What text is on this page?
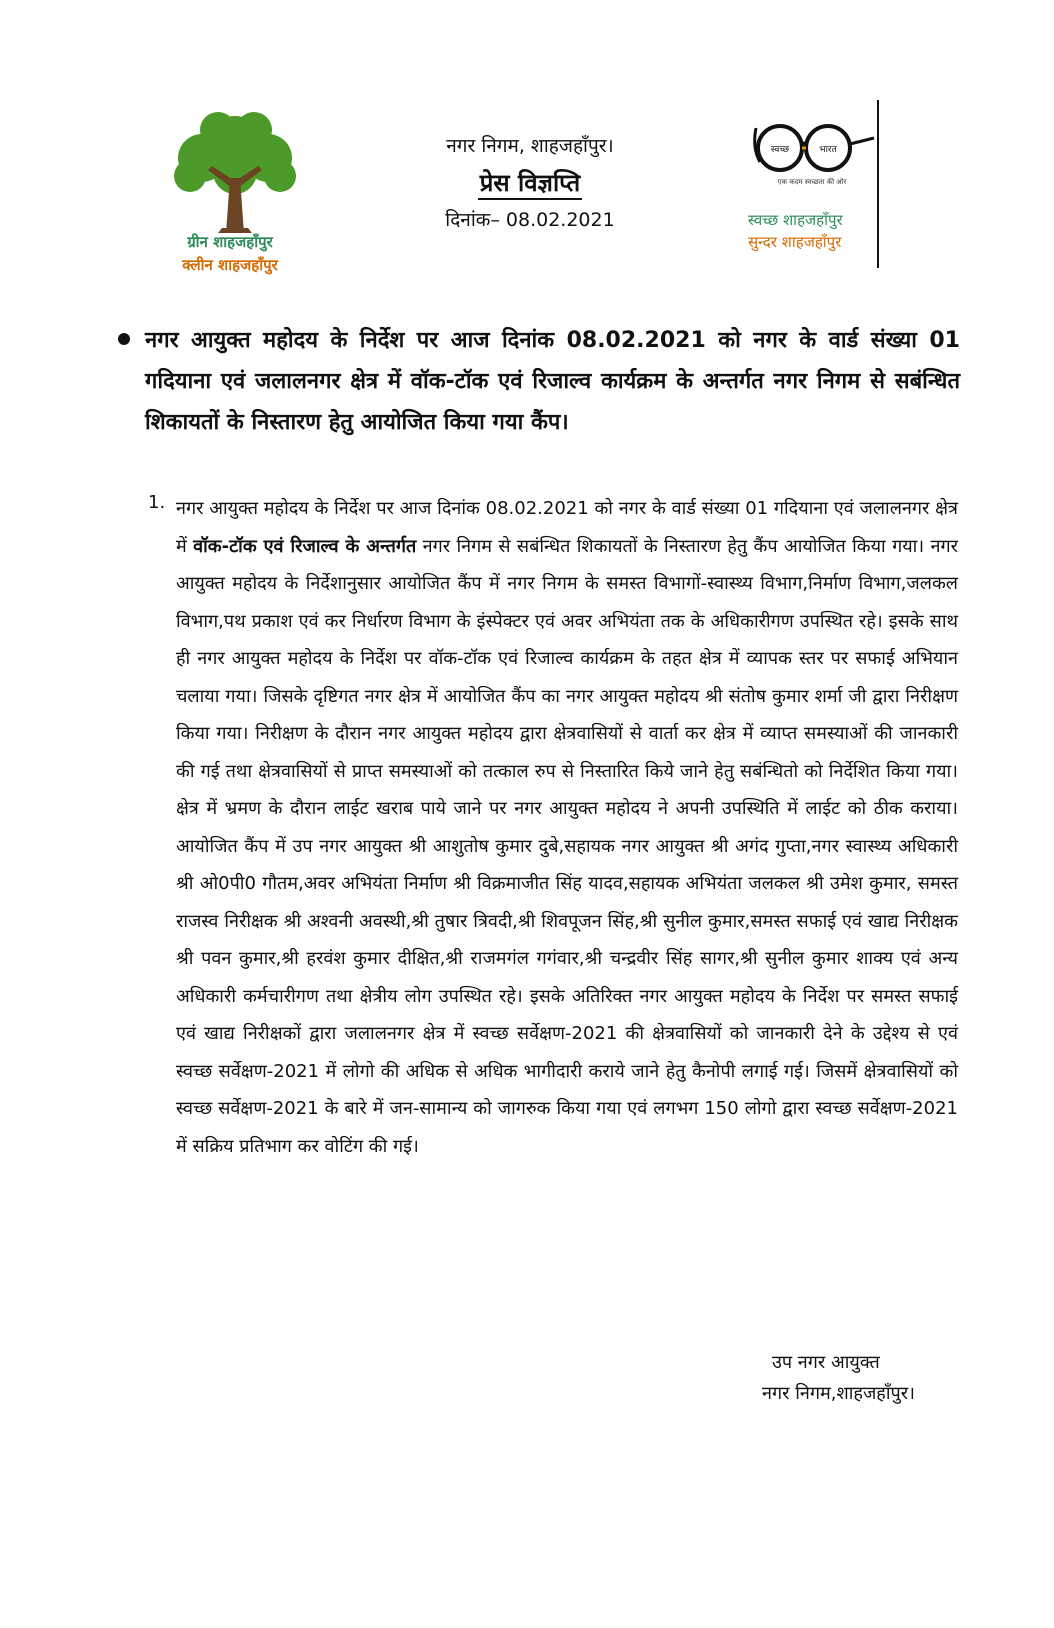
ग्रीन शाहजहाँपुर
क्लीन शाहजहाँपुर
नगर निगम, शाहजहाँपुर।
प्रेस विज्ञप्ति
दिनांक– 08.02.2021
स्वच्छ	भारत
एक कदम स्वच्छता की ओर
स्वच्छ शाहजहाँपुर
सुन्दर शाहजहाँपुर
नगर आयुक्त महोदय के निर्देश पर आज दिनांक 08.02.2021 को नगर के वार्ड संख्या 01 गदियाना एवं जलालनगर क्षेत्र में वॉक-टॉक एवं रिजाल्व कार्यक्रम के अन्तर्गत नगर निगम से सबंन्धित शिकायतों के निस्तारण हेतु आयोजित किया गया कैंप।
1. नगर आयुक्त महोदय के निर्देश पर आज दिनांक 08.02.2021 को नगर के वार्ड संख्या 01 गदियाना एवं जलालनगर क्षेत्र में वॉक-टॉक एवं रिजाल्व के अन्तर्गत नगर निगम से सबंन्धित शिकायतों के निस्तारण हेतु कैंप आयोजित किया गया। नगर आयुक्त महोदय के निर्देशानुसार आयोजित कैंप में नगर निगम के समस्त विभागों-स्वास्थ्य विभाग,निर्माण विभाग,जलकल विभाग,पथ प्रकाश एवं कर निर्धारण विभाग के इंस्पेक्टर एवं अवर अभियंता तक के अधिकारीगण उपस्थित रहे। इसके साथ ही नगर आयुक्त महोदय के निर्देश पर वॉक-टॉक एवं रिजाल्व कार्यक्रम के तहत क्षेत्र में व्यापक स्तर पर सफाई अभियान चलाया गया। जिसके दृष्टिगत नगर क्षेत्र में आयोजित कैंप का नगर आयुक्त महोदय श्री संतोष कुमार शर्मा जी द्वारा निरीक्षण किया गया। निरीक्षण के दौरान नगर आयुक्त महोदय द्वारा क्षेत्रवासियों से वार्ता कर क्षेत्र में व्याप्त समस्याओं की जानकारी की गई तथा क्षेत्रवासियों से प्राप्त समस्याओं को तत्काल रुप से निस्तारित किये जाने हेतु सबंन्धितो को निर्देशित किया गया। क्षेत्र में भ्रमण के दौरान लाईट खराब पाये जाने पर नगर आयुक्त महोदय ने अपनी उपस्थिति में लाईट को ठीक कराया। आयोजित कैंप में उप नगर आयुक्त श्री आशुतोष कुमार दुबे,सहायक नगर आयुक्त श्री अगंद गुप्ता,नगर स्वास्थ्य अधिकारी श्री ओ0पी0 गौतम,अवर अभियंता निर्माण श्री विक्रमाजीत सिंह यादव,सहायक अभियंता जलकल श्री उमेश कुमार, समस्त राजस्व निरीक्षक श्री अश्वनी अवस्थी,श्री तुषार त्रिवदी,श्री शिवपूजन सिंह,श्री सुनील कुमार,समस्त सफाई एवं खाद्य निरीक्षक श्री पवन कुमार,श्री हरवंश कुमार दीक्षित,श्री राजमगंल गगंवार,श्री चन्द्रवीर सिंह सागर,श्री सुनील कुमार शाक्य एवं अन्य अधिकारी कर्मचारीगण तथा क्षेत्रीय लोग उपस्थित रहे। इसके अतिरिक्त नगर आयुक्त महोदय के निर्देश पर समस्त सफाई एवं खाद्य निरीक्षकों द्वारा जलालनगर क्षेत्र में स्वच्छ सर्वेक्षण-2021 की क्षेत्रवासियों को जानकारी देने के उद्देश्य से एवं स्वच्छ सर्वेक्षण-2021 में लोगो की अधिक से अधिक भागीदारी कराये जाने हेतु कैनोपी लगाई गई। जिसमें क्षेत्रवासियों को स्वच्छ सर्वेक्षण-2021 के बारे में जन-सामान्य को जागरुक किया गया एवं लगभग 150 लोगो द्वारा स्वच्छ सर्वेक्षण-2021 में सक्रिय प्रतिभाग कर वोटिंग की गई।
उप नगर आयुक्त
नगर निगम,शाहजहाँपुर।
